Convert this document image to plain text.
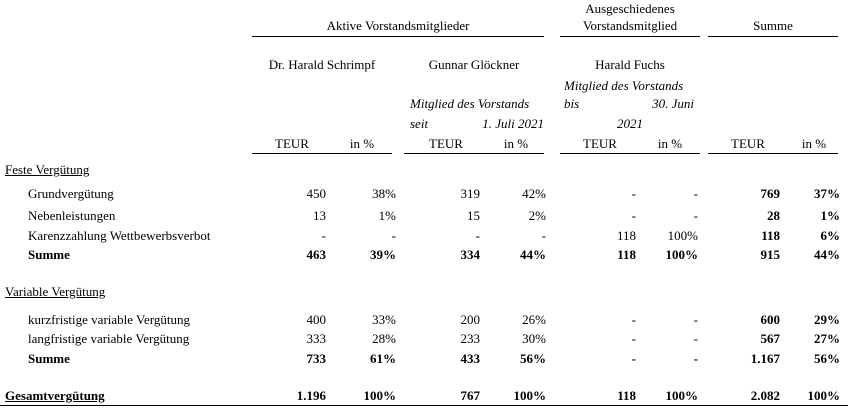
Aktive Vorstandsmitglieder
Ausgeschiedenes
Vorstandsmitglied	Summe
Dr. Harald Schrimpf	Gunnar Glöckner	Harald Fuchs
Mitglied des Vorstands
seit	1. Juli 2021
Mitglied des Vorstands
bis	30. Juni
2021
TEUR	in %	TEUR	in %	TEUR	in %	TEUR	in %
Feste Vergütung
Grundvergütung	450	38%	319	42%	-	-	769	37%
Nebenleistungen	13	1%	15	2%	-	-	28	1%
Karenzzahlung Wettbewerbsverbot	-	-	-	-	118	100%	118	6%
Summe	463	39%	334	44%	118	100%	915	44%
Variable Vergütung
kurzfristige variable Vergütung	400	33%	200	26%	-	-	600	29%
langfristige variable Vergütung	333	28%	233	30%	-	-	567	27%
Summe	733	61%	433	56%	-	-	1.167	56%
Gesamtvergütung	1.196	100%	767	100%	118	100%	2.082	100%
